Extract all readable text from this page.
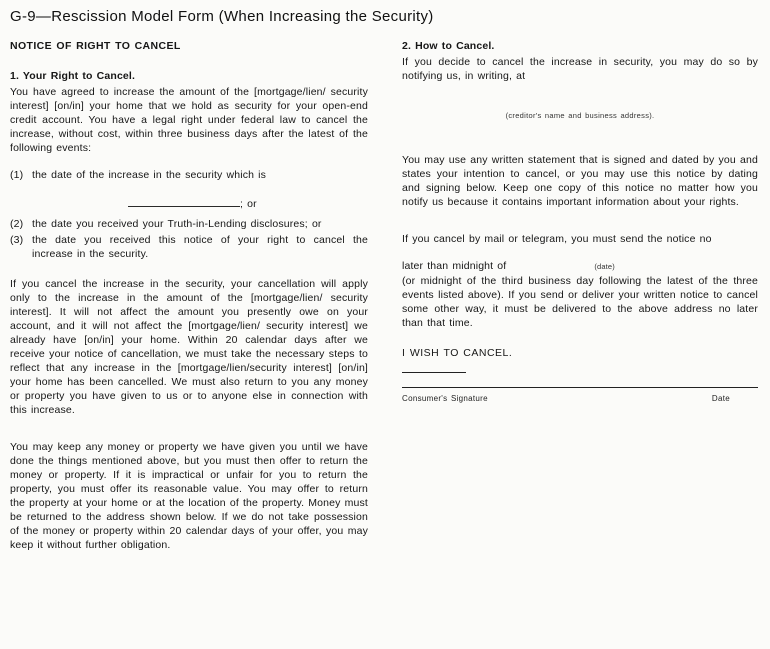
G-9—Rescission Model Form (When Increasing the Security)
NOTICE OF RIGHT TO CANCEL
1. Your Right to Cancel.

You have agreed to increase the amount of the [mortgage/lien/ security interest] [on/in] your home that we hold as security for your open-end credit account. You have a legal right under federal law to cancel the increase, without cost, within three business days after the latest of the following events:

(1) the date of the increase in the security which is
; or
(2) the date you received your Truth-in-Lending disclosures; or
(3) the date you received this notice of your right to cancel the increase in the security.

If you cancel the increase in the security, your cancellation will apply only to the increase in the amount of the [mortgage/lien/ security interest]. It will not affect the amount you presently owe on your account, and it will not affect the [mortgage/lien/ security interest] we already have [on/in] your home. Within 20 calendar days after we receive your notice of cancellation, we must take the necessary steps to reflect that any increase in the [mortgage/lien/security interest] [on/in] your home has been cancelled. We must also return to you any money or property you have given to us or to anyone else in connection with this increase.

You may keep any money or property we have given you until we have done the things mentioned above, but you must then offer to return the money or property. If it is impractical or unfair for you to return the property, you must offer its reasonable value. You may offer to return the property at your home or at the location of the property. Money must be returned to the address shown below. If we do not take possession of the money or property within 20 calendar days of your offer, you may keep it without further obligation.

2. How to Cancel.

If you decide to cancel the increase in security, you may do so by notifying us, in writing, at

(creditor's name and business address).

You may use any written statement that is signed and dated by you and states your intention to cancel, or you may use this notice by dating and signing below. Keep one copy of this notice no matter how you notify us because it contains important information about your rights.

If you cancel by mail or telegram, you must send the notice no

later than midnight of	(date)

(or midnight of the third business day following the latest of the three events listed above). If you send or deliver your written notice to cancel some other way, it must be delivered to the above address no later than that time.

I WISH TO CANCEL.
Consumer's Signature	Date
